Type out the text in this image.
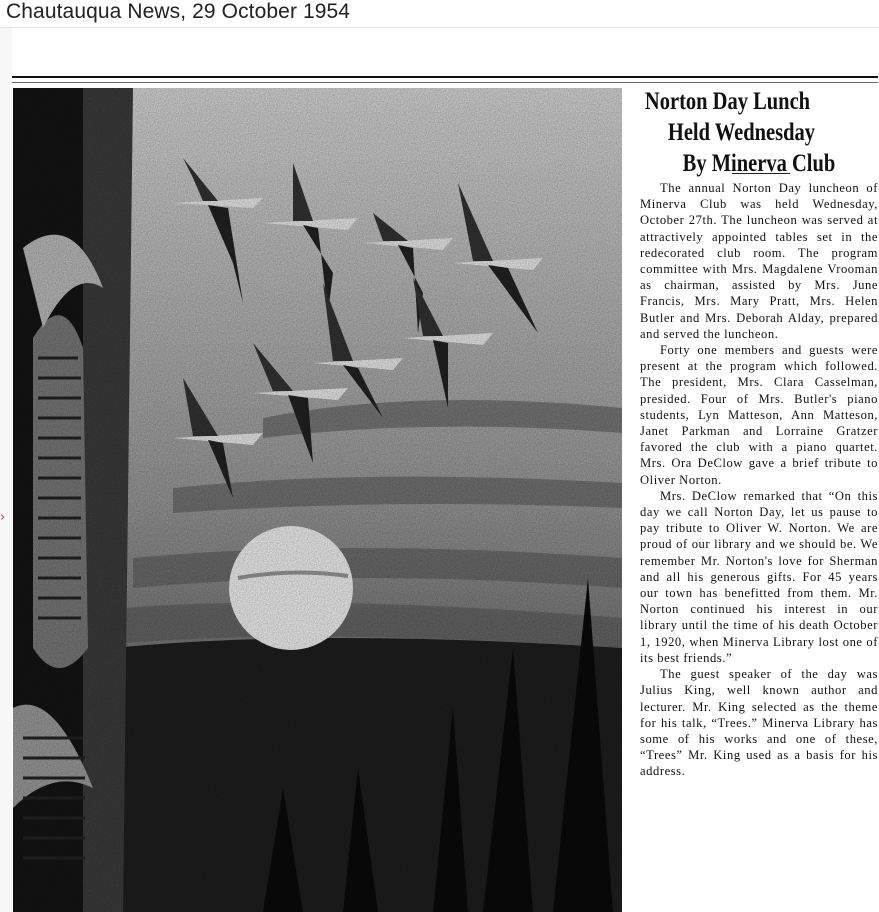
Chautauqua News, 29 October 1954
›
Norton Day Lunch
Held Wednesday
By Minerva Club

The annual Norton Day luncheon of Minerva Club was held Wednesday, October 27th. The luncheon was served at attractively appointed tables set in the redecorated club room. The program committee with Mrs. Magdalene Vrooman as chairman, assisted by Mrs. June Francis, Mrs. Mary Pratt, Mrs. Helen Butler and Mrs. Deborah Alday, prepared and served the luncheon.

Forty one members and guests were present at the program which followed. The president, Mrs. Clara Casselman, presided. Four of Mrs. Butler's piano students, Lyn Matteson, Ann Matteson, Janet Parkman and Lorraine Gratzer favored the club with a piano quartet. Mrs. Ora DeClow gave a brief tribute to Oliver Norton.

Mrs. DeClow remarked that “On this day we call Norton Day, let us pause to pay tribute to Oliver W. Norton. We are proud of our library and we should be. We remember Mr. Norton's love for Sherman and all his generous gifts. For 45 years our town has benefitted from them. Mr. Norton continued his interest in our library until the time of his death October 1, 1920, when Minerva Library lost one of its best friends.”

The guest speaker of the day was Julius King, well known author and lecturer. Mr. King selected as the theme for his talk, “Trees.” Minerva Library has some of his works and one of these, “Trees” Mr. King used as a basis for his address.
